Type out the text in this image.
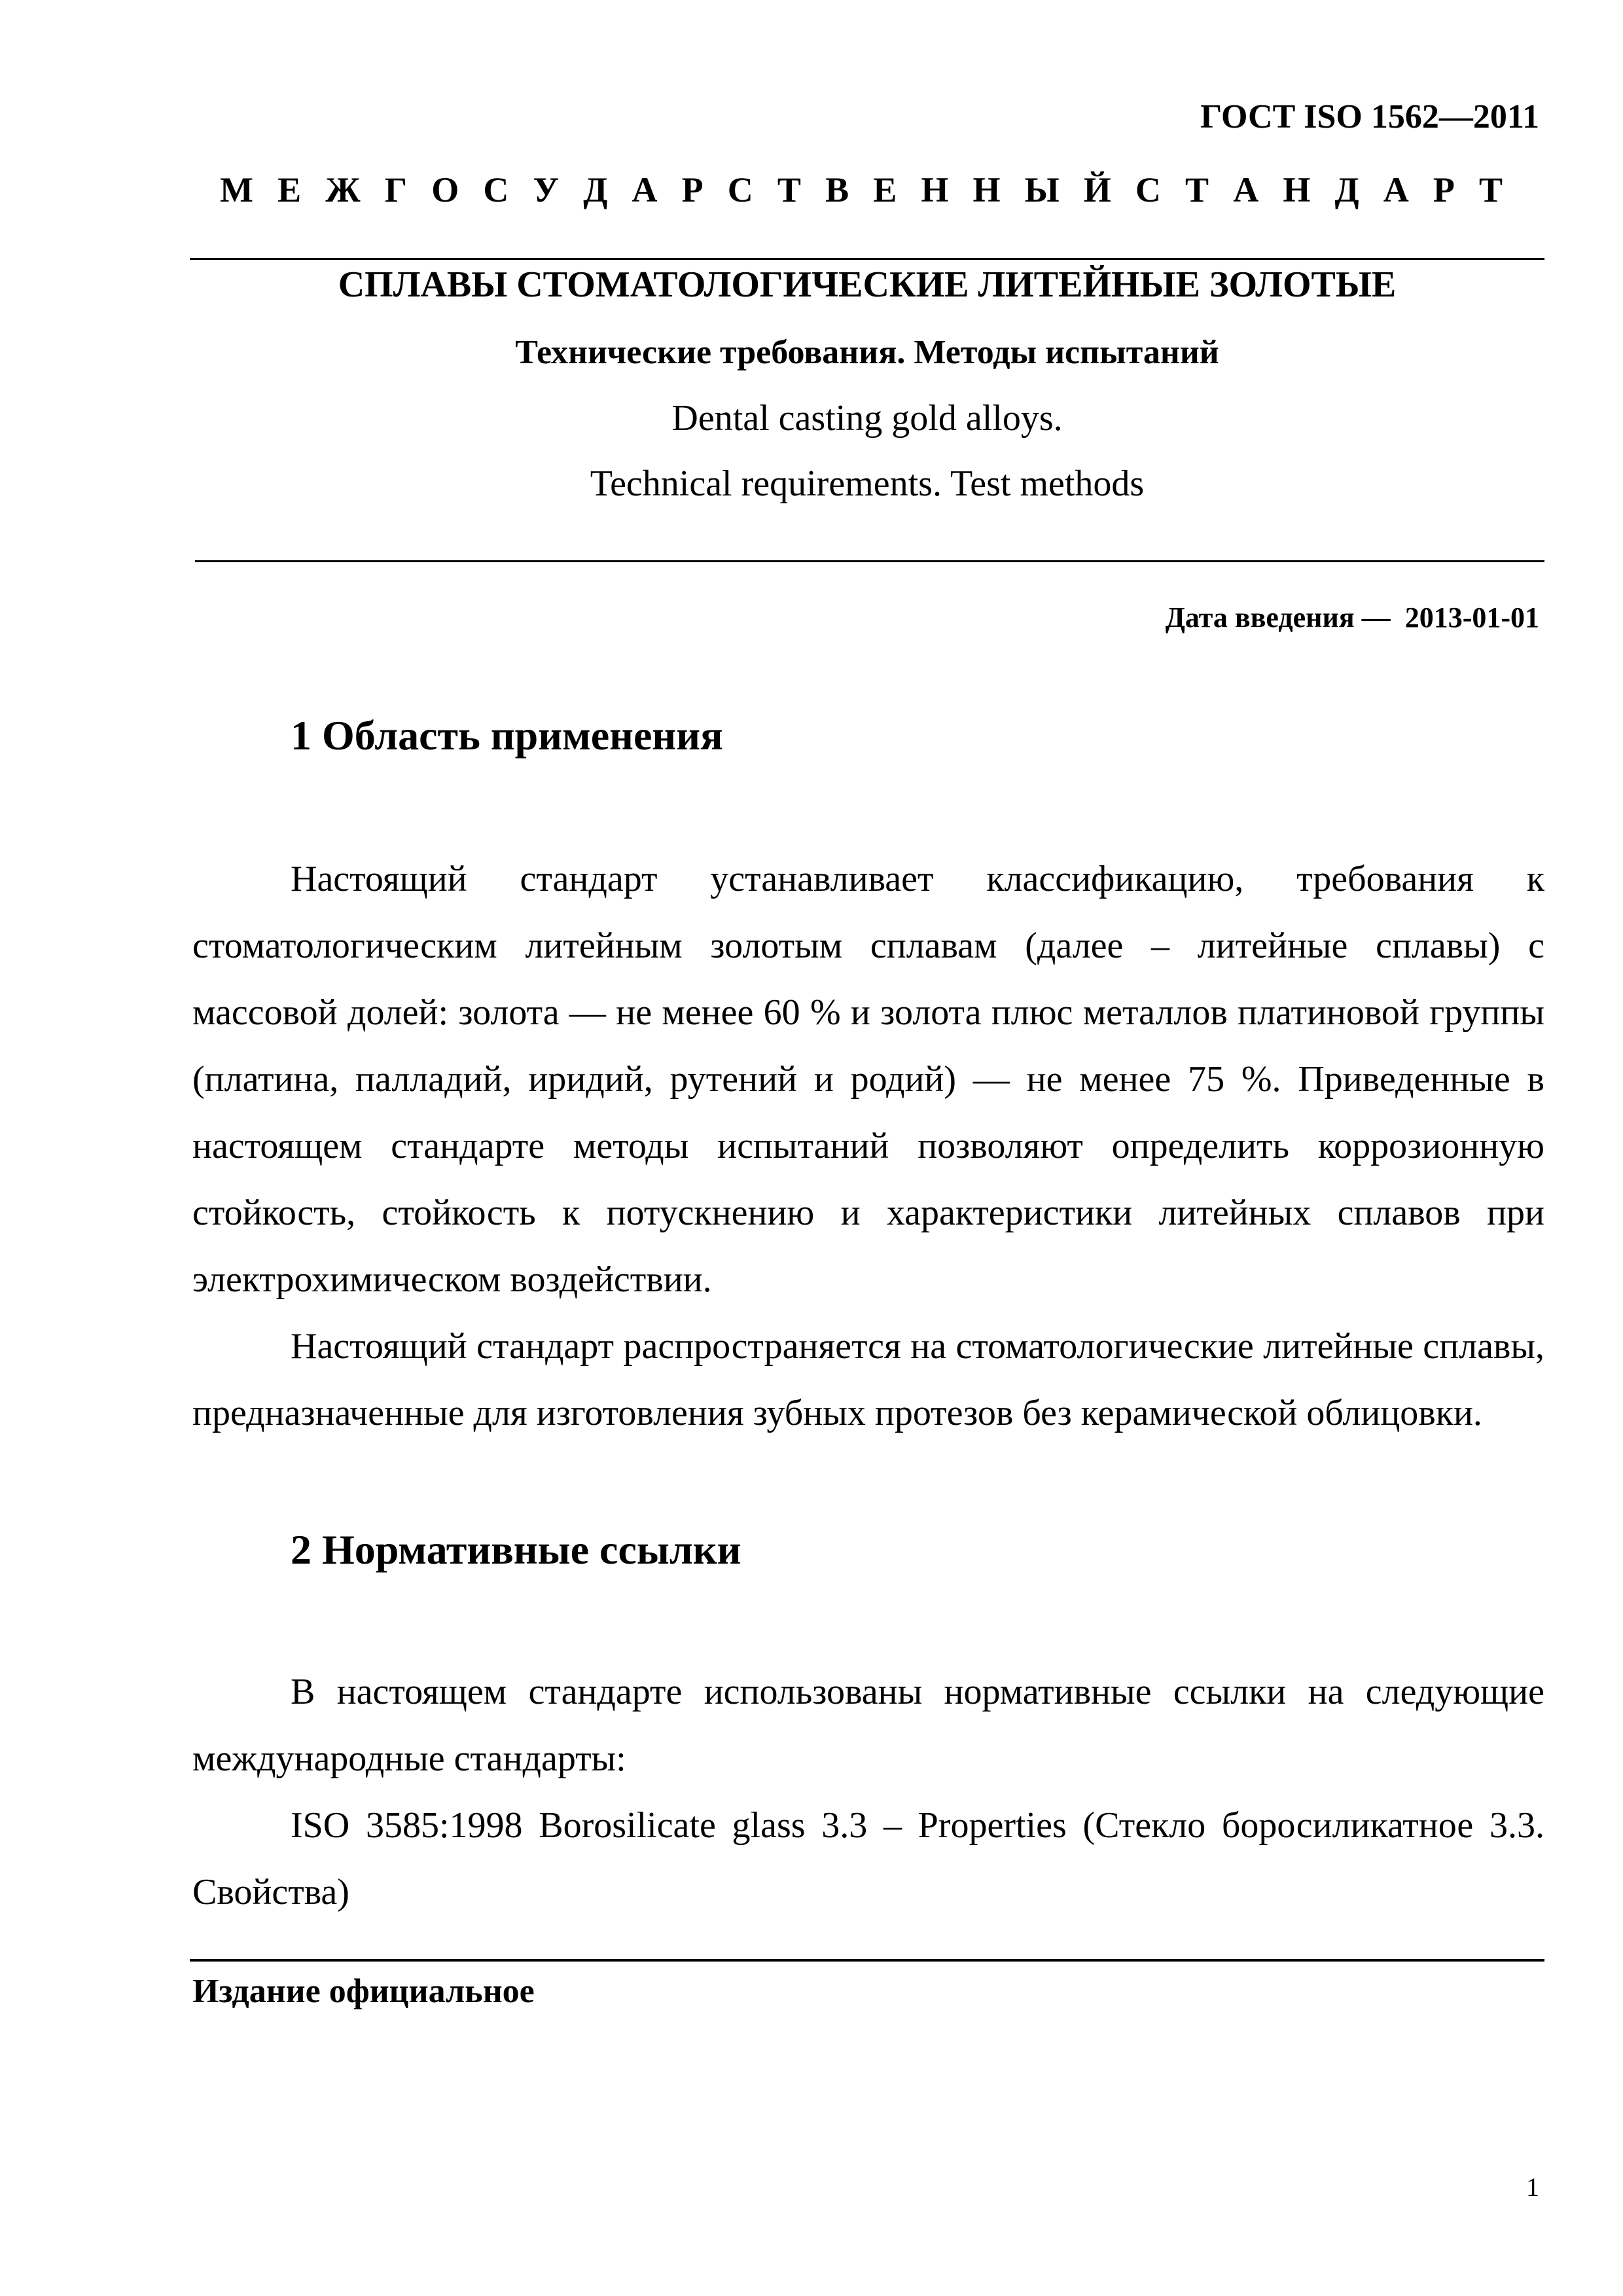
ГОСТ ISO 1562—2011
М Е Ж Г О С У Д А Р С Т В Е Н Н Ы Й С Т А Н Д А Р Т
СПЛАВЫ СТОМАТОЛОГИЧЕСКИЕ ЛИТЕЙНЫЕ ЗОЛОТЫЕ
Технические требования. Методы испытаний
Dental casting gold alloys.
Technical requirements. Test methods
Дата введения — 2013-01-01
1 Область применения

Настоящий стандарт устанавливает классификацию, требования к стоматологическим литейным золотым сплавам (далее – литейные сплавы) с массовой долей: золота — не менее 60 % и золота плюс металлов платиновой группы (платина, палладий, иридий, рутений и родий) — не менее 75 %. Приведенные в настоящем стандарте методы испытаний позволяют определить коррозионную стойкость, стойкость к потускнению и характеристики литейных сплавов при электрохимическом воздействии.

Настоящий стандарт распространяется на стоматологические литейные сплавы, предназначенные для изготовления зубных протезов без керамической облицовки.

2 Нормативные ссылки

В настоящем стандарте использованы нормативные ссылки на следующие международные стандарты:

ISO 3585:1998 Borosilicate glass 3.3 – Properties (Стекло боросиликатное 3.3. Свойства)

Издание официальное
1
